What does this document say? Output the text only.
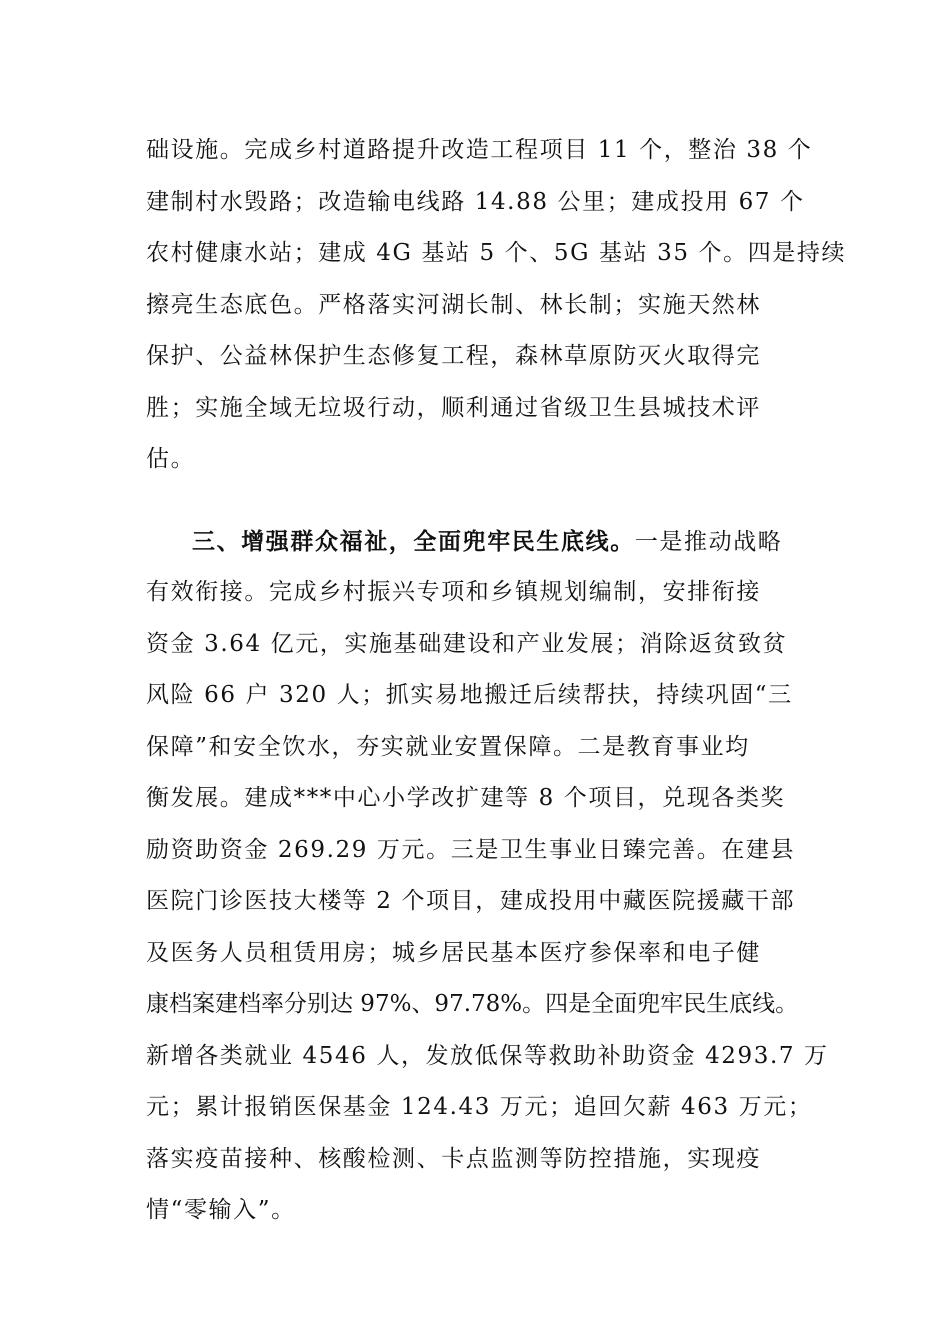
础设施。完成乡村道路提升改造工程项目 11 个，整治 38 个
建制村水毁路；改造输电线路 14.88 公里；建成投用 67 个
农村健康水站；建成 4G 基站 5 个、5G 基站 35 个。四是持续
擦亮生态底色。严格落实河湖长制、林长制；实施天然林
保护、公益林保护生态修复工程，森林草原防灭火取得完
胜；实施全域无垃圾行动，顺利通过省级卫生县城技术评
估。
三、增强群众福祉，全面兜牢民生底线。一是推动战略
有效衔接。完成乡村振兴专项和乡镇规划编制，安排衔接
资金 3.64 亿元，实施基础建设和产业发展；消除返贫致贫
风险 66 户 320 人；抓实易地搬迁后续帮扶，持续巩固“三
保障”和安全饮水，夯实就业安置保障。二是教育事业均
衡发展。建成***中心小学改扩建等 8 个项目，兑现各类奖
励资助资金 269.29 万元。三是卫生事业日臻完善。在建县
医院门诊医技大楼等 2 个项目，建成投用中藏医院援藏干部
及医务人员租赁用房；城乡居民基本医疗参保率和电子健
康档案建档率分别达 97%、97.78%。四是全面兜牢民生底线。
新增各类就业 4546 人，发放低保等救助补助资金 4293.7 万
元；累计报销医保基金 124.43 万元；追回欠薪 463 万元；
落实疫苗接种、核酸检测、卡点监测等防控措施，实现疫
情“零输入”。
